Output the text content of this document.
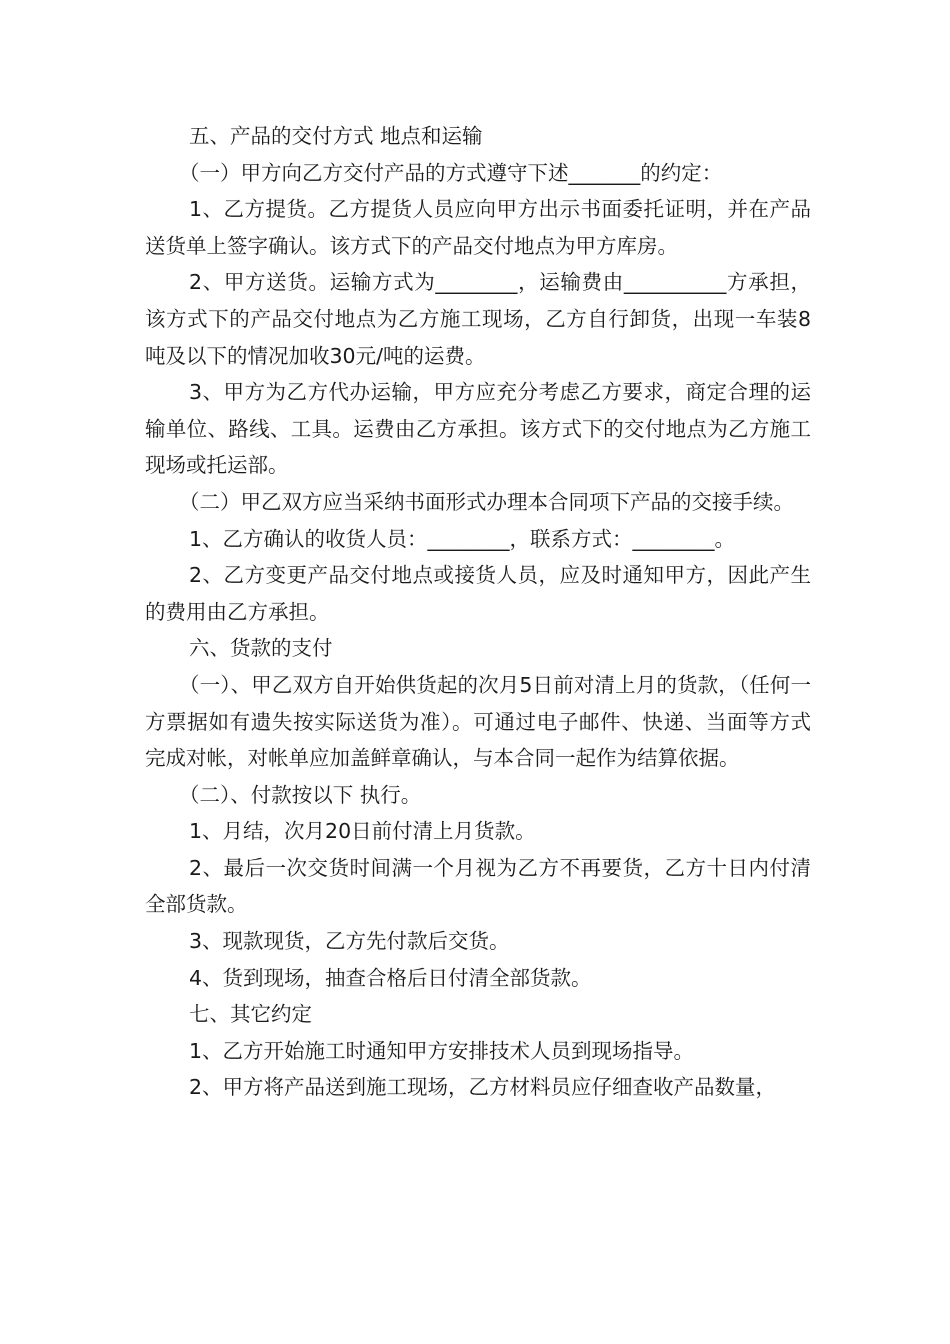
五、产品的交付方式 地点和运输

（一）甲方向乙方交付产品的方式遵守下述_______的约定：

1、乙方提货。乙方提货人员应向甲方出示书面委托证明，并在产品送货单上签字确认。该方式下的产品交付地点为甲方库房。

2、甲方送货。运输方式为________，运输费由__________方承担，该方式下的产品交付地点为乙方施工现场，乙方自行卸货，出现一车装8吨及以下的情况加收30元/吨的运费。

3、甲方为乙方代办运输，甲方应充分考虑乙方要求，商定合理的运输单位、路线、工具。运费由乙方承担。该方式下的交付地点为乙方施工现场或托运部。

（二）甲乙双方应当采纳书面形式办理本合同项下产品的交接手续。

1、乙方确认的收货人员：________，联系方式：________。

2、乙方变更产品交付地点或接货人员，应及时通知甲方，因此产生的费用由乙方承担。

六、货款的支付

（一）、甲乙双方自开始供货起的次月5日前对清上月的货款，（任何一方票据如有遗失按实际送货为准）。可通过电子邮件、快递、当面等方式完成对帐，对帐单应加盖鲜章确认，与本合同一起作为结算依据。

（二）、付款按以下 执行。

1、月结，次月20日前付清上月货款。

2、最后一次交货时间满一个月视为乙方不再要货，乙方十日内付清全部货款。

3、现款现货，乙方先付款后交货。

4、货到现场，抽查合格后日付清全部货款。

七、其它约定

1、乙方开始施工时通知甲方安排技术人员到现场指导。

2、甲方将产品送到施工现场，乙方材料员应仔细查收产品数量，
